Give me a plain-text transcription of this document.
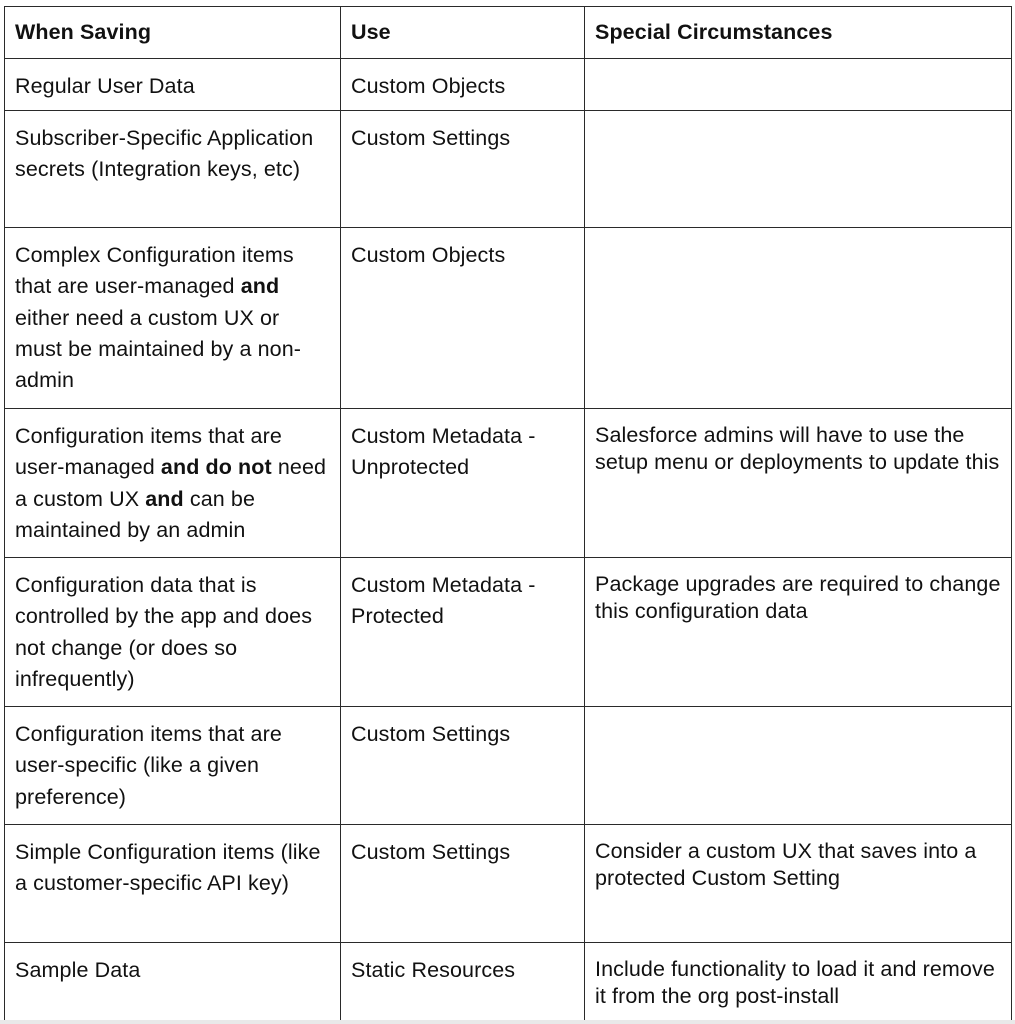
When Saving	Use	Special Circumstances
Regular User Data	Custom Objects	
Subscriber-Specific Application secrets (Integration keys, etc)	Custom Settings	
Complex Configuration items that are user-managed and either need a custom UX or must be maintained by a non-admin	Custom Objects	
Configuration items that are user-managed and do not need a custom UX and can be maintained by an admin	Custom Metadata - Unprotected	Salesforce admins will have to use the setup menu or deployments to update this
Configuration data that is controlled by the app and does not change (or does so infrequently)	Custom Metadata - Protected	Package upgrades are required to change this configuration data
Configuration items that are user-specific (like a given preference)	Custom Settings	
Simple Configuration items (like a customer-specific API key)	Custom Settings	Consider a custom UX that saves into a protected Custom Setting
Sample Data	Static Resources	Include functionality to load it and remove it from the org post-install
